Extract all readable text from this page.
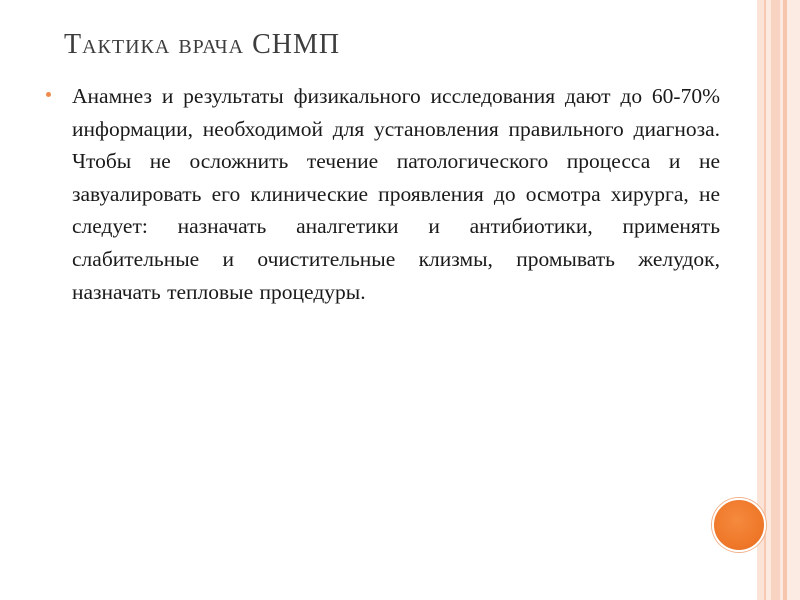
Тактика врача СНМП
Анамнез и результаты физикального исследования дают до 60-70% информации, необходимой для установления правильного диагноза. Чтобы не осложнить течение патологического процесса и не завуалировать его клинические проявления до осмотра хирурга, не следует: назначать аналгетики и антибиотики, применять слабительные и очистительные клизмы, промывать желудок, назначать тепловые процедуры.
